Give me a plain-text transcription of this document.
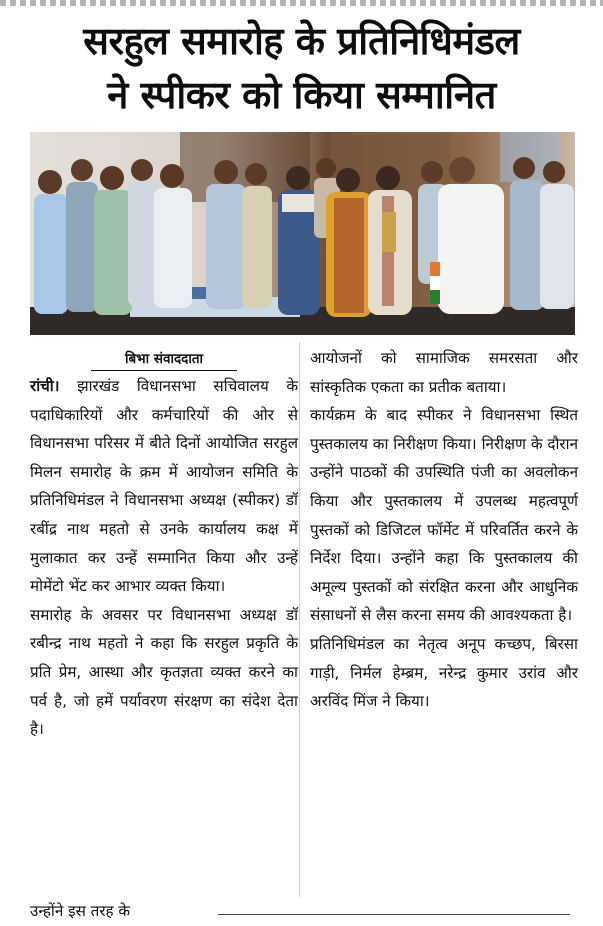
सरहुल समारोह के प्रतिनिधिमंडल
ने स्पीकर को किया सम्मानित
बिभा संवाददाता

रांची। झारखंड विधानसभा सचिवालय के पदाधिकारियों और कर्मचारियों की ओर से विधानसभा परिसर में बीते दिनों आयोजित सरहुल मिलन समारोह के क्रम में आयोजन समिति के प्रतिनिधिमंडल ने विधानसभा अध्यक्ष (स्पीकर) डॉ रबींद्र नाथ महतो से उनके कार्यालय कक्ष में मुलाकात कर उन्हें सम्मानित किया और उन्हें मोमेंटो भेंट कर आभार व्यक्त किया।

समारोह के अवसर पर विधानसभा अध्यक्ष डॉ रबीन्द्र नाथ महतो ने कहा कि सरहुल प्रकृति के प्रति प्रेम, आस्था और कृतज्ञता व्यक्त करने का पर्व है, जो हमें पर्यावरण संरक्षण का संदेश देता है।

उन्होंने इस तरह के

आयोजनों को सामाजिक समरसता और सांस्कृतिक एकता का प्रतीक बताया।

कार्यक्रम के बाद स्पीकर ने विधानसभा स्थित पुस्तकालय का निरीक्षण किया। निरीक्षण के दौरान उन्होंने पाठकों की उपस्थिति पंजी का अवलोकन किया और पुस्तकालय में उपलब्ध महत्वपूर्ण पुस्तकों को डिजिटल फॉर्मेट में परिवर्तित करने के निर्देश दिया। उन्होंने कहा कि पुस्तकालय की अमूल्य पुस्तकों को संरक्षित करना और आधुनिक संसाधनों से लैस करना समय की आवश्यकता है।

प्रतिनिधिमंडल का नेतृत्व अनूप कच्छप, बिरसा गाड़ी, निर्मल हेम्ब्रम, नरेन्द्र कुमार उरांव और अरविंद मिंज ने किया।
